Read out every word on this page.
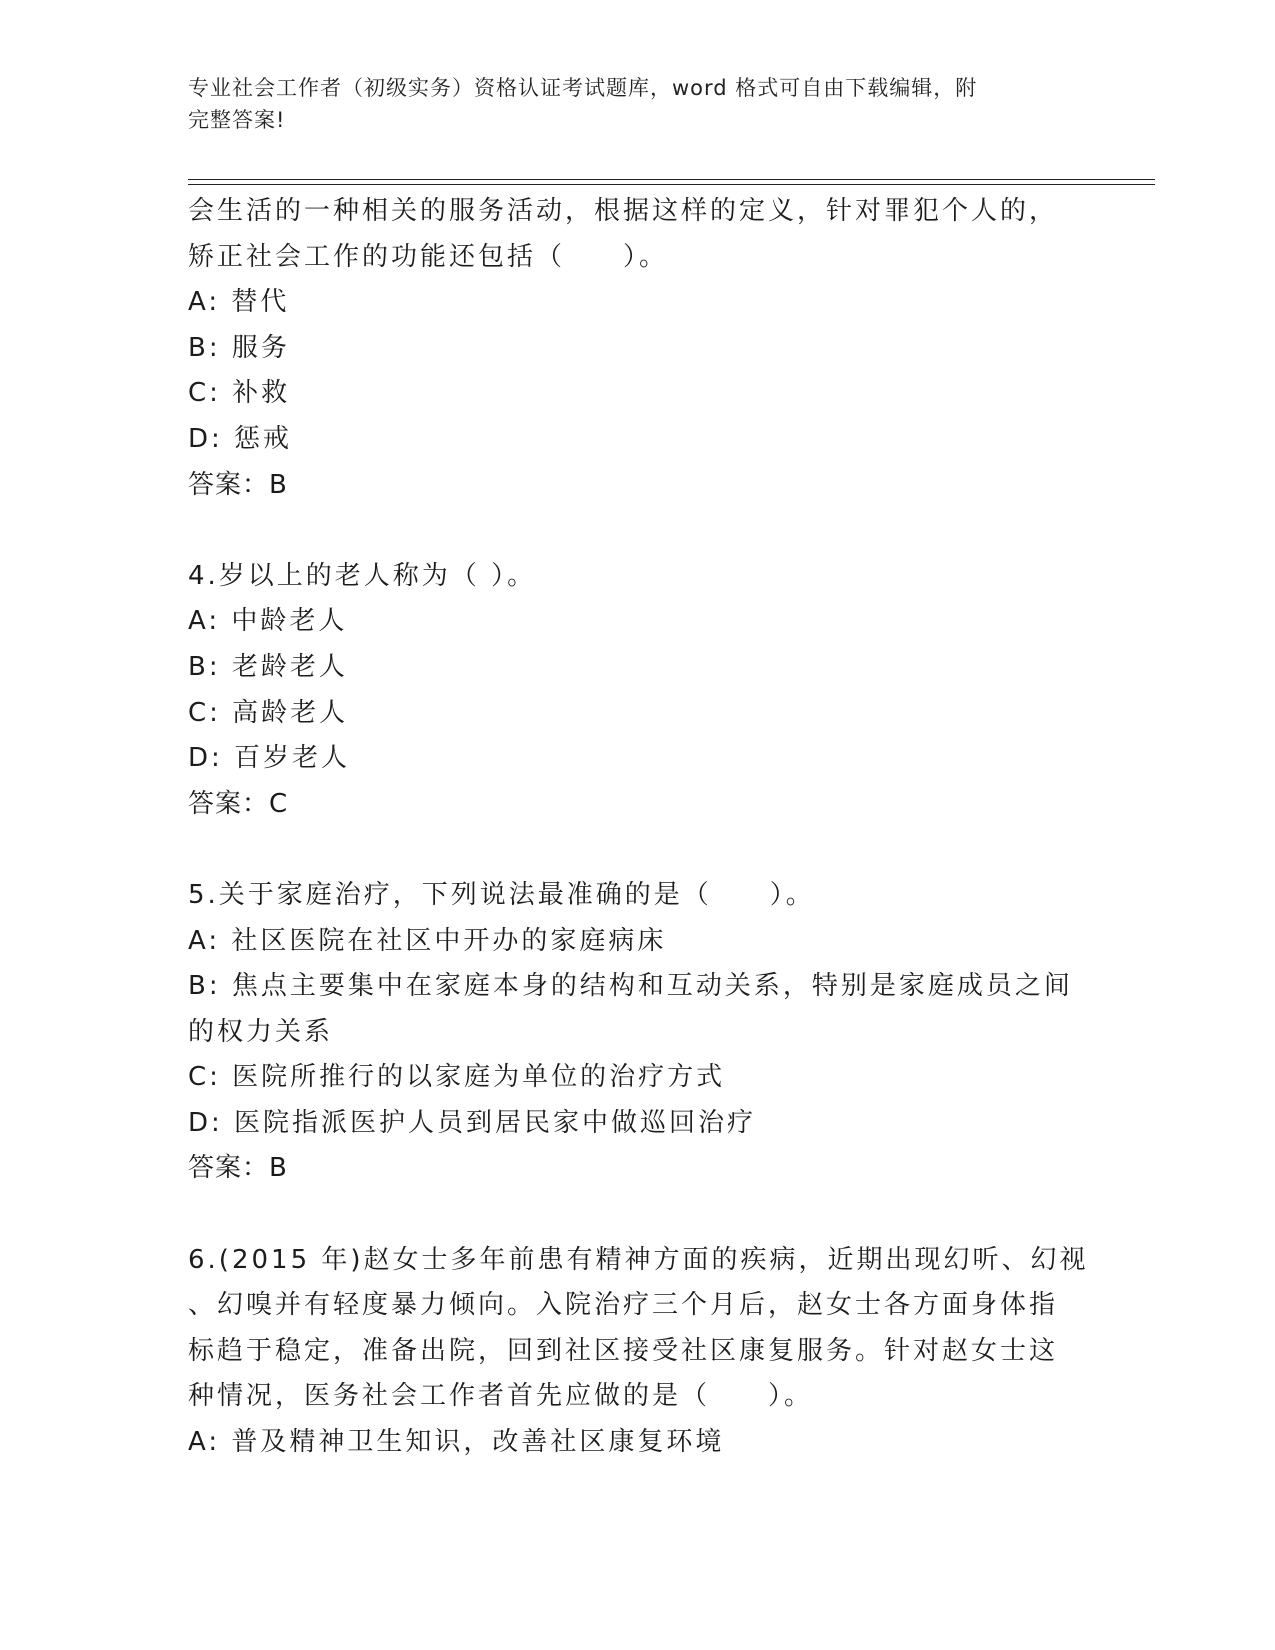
专业社会工作者（初级实务）资格认证考试题库，word 格式可自由下载编辑，附
完整答案!
会生活的一种相关的服务活动，根据这样的定义，针对罪犯个人的，
矫正社会工作的功能还包括（　　）。
A: 替代
B: 服务
C: 补救
D: 惩戒
答案：B
4.岁以上的老人称为（ ）。
A: 中龄老人
B: 老龄老人
C: 高龄老人
D: 百岁老人
答案：C
5.关于家庭治疗，下列说法最准确的是（　　）。
A: 社区医院在社区中开办的家庭病床
B: 焦点主要集中在家庭本身的结构和互动关系，特别是家庭成员之间
的权力关系
C: 医院所推行的以家庭为单位的治疗方式
D: 医院指派医护人员到居民家中做巡回治疗
答案：B
6.(2015 年)赵女士多年前患有精神方面的疾病，近期出现幻听、幻视
、幻嗅并有轻度暴力倾向。入院治疗三个月后，赵女士各方面身体指
标趋于稳定，准备出院，回到社区接受社区康复服务。针对赵女士这
种情况，医务社会工作者首先应做的是（　　）。
A: 普及精神卫生知识，改善社区康复环境
